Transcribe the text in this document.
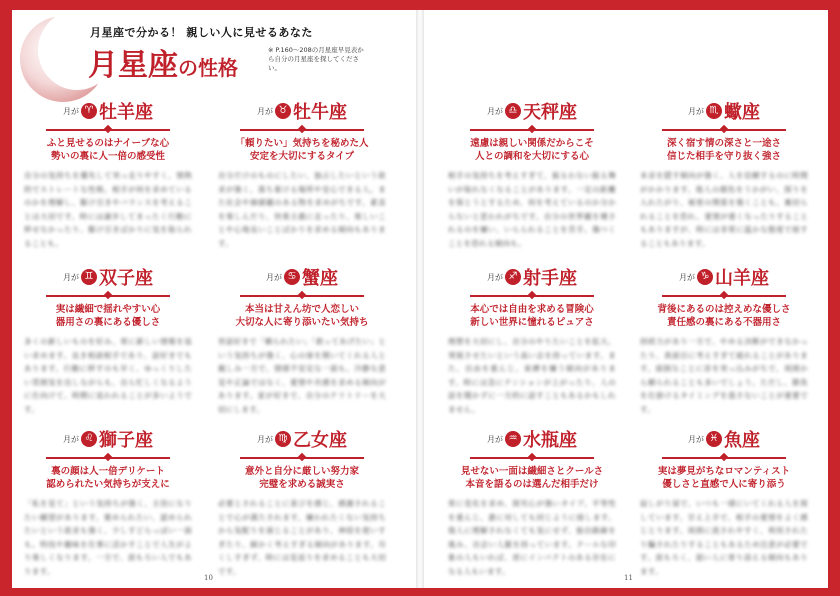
月星座で分かる！ 親しい人に見せるあなた
月星座の性格
※ P.160〜208の月星座早見表から自分の月星座を探してください。
10	11
月が ♈ 牡羊座
ふと見せるのはナイーブな心
勢いの裏に人一倍の感受性
自分の気持ちを優先して突っ走りやすく、情熱的でストレートな性格。相手が何を求めているのかを理解し、駆け引きやバランスを考えることは大切です。時には譲歩してまったく行動に移せなかったり、駆け引きばかりに気を取られることも。
月が ♉ 牡牛座
「頼りたい」気持ちを秘めた人
安定を大切にするタイプ
自分だけのものにしたい、独占したいという欲求が強く、落ち着ける場所や安心できる人。また社会や価値観のある物を求めがちです。素直を楽しんだり、快楽主義に走ったり、楽しいことや心地良いことばかりを求める傾向もあります。
月が ♎ 天秤座
遠慮は親しい関係だからこそ
人との調和を大切にする心
相手の気持ちを考えすぎて、振るわない振る舞いが取れなくなることがあります。一定の距離を保とうとするため、何を考えているのか分からないと思われがちです。自分の世界観を壊されるのを嫌い、いらられることを苦手。傷つくことを恐れる傾向も。
月が ♏ 蠍座
深く宿す情の深さと一途さ
信じた相手を守り抜く強さ
本音を隠す傾向が強く、人を信頼するのに時間がかかります。他人の顔色をうかがい、探りを入れたがり、秘密の関係を築くことも。裏切られることを恐れ、愛情が重くなったりすることもありますが、時には非常に温かな態度で接することもあります。
月が ♊ 双子座
実は繊細で揺れやすい心
器用さの裏にある優しさ
多くの新しいものを好み、常に新しい情報を追い求めます。良き相談相手であり、話好きでもあります。行動に移すのも早く、ゆっくりしたい雰囲気を出しながらも、自ら忙しくなるように仕向けて、時間に追われることが多いようです。
月が ♋ 蟹座
本当は甘えん坊で人恋しい
大切な人に寄り添いたい気持ち
世話好きで「頼られたい」「救ってあげたい」という気持ちが強く、心の扉を開いてくれる人と親しみ一方で、情緒不安定な一面も。冷静な意見や正論ではなく、愛情や共感を求める傾向があります。家が好きで、自分のテリトリーを大切にします。
月が ♐ 射手座
本心では自由を求める冒険心
新しい世界に憧れるピュアさ
理想を大切にし、自分のやりたいことを拡大、発展させたいという高い志を持っています。また、自由を重んじ、束縛を嫌う傾向があります。時には急にテンションが上がったり、人の話を聞かずに一方的に話すこともあるかもしれません。
月が ♑ 山羊座
背後にあるのは控えめな優しさ
責任感の裏にある不器用さ
持続力があり一方で、やめる決断ができなかったり、真面目に考えすぎて疲れることがあります。面倒なことに首を突っ込みがちで、周囲から頼られることも多いでしょう。ただし、勝負を仕掛けるタイミングを逃さないことが重要です。
月が ♌ 獅子座
裏の顔は人一倍デリケート
認められたい気持ちが支えに
「私を見て」という気持ちが強く、主役になりたい願望があります。褒められたい、認められたいという欲求も強く、少しすどらっぽい一面も。特技や趣味を仕事に活かすことで人生がより楽しくなります。一方で、涙もろい人でもあります。
月が ♍ 乙女座
意外と自分に厳しい努力家
完璧を求める誠実さ
必要とされることに喜びを感じ、感謝されることで心が満たされます。嫌われたくない気持ちから気配りを演じることがあり、神経を使いすぎたり、細かく考えすぎる傾向があります。尽くしすぎず、時には見返りを求めることも大切です。
月が ♒ 水瓶座
見せない一面は繊細さとクールさ
本音を語るのは選んだ相手だけ
常に変化を求め、探究心が強いタイプ。平等性を重んじ、誰に対しても同じように接します。他人に理解されなくても気にせず、独自路線を進み、出会い人脈を持っています。クールな印象の人もいれば、逆にインパクトのある存在になる人もいます。
月が ♓ 魚座
実は夢見がちなロマンティスト
優しさと直感で人に寄り添う
寂しがり屋で、いつも一緒にいてくれる人を探しています。甘え上手で、相手の愛情をよく感じとります。周囲に流されやすく、利用されたり騙されたりすることもあるため注意が必要です。涙もろく、弱い人に寄り添える傾向もあります。
